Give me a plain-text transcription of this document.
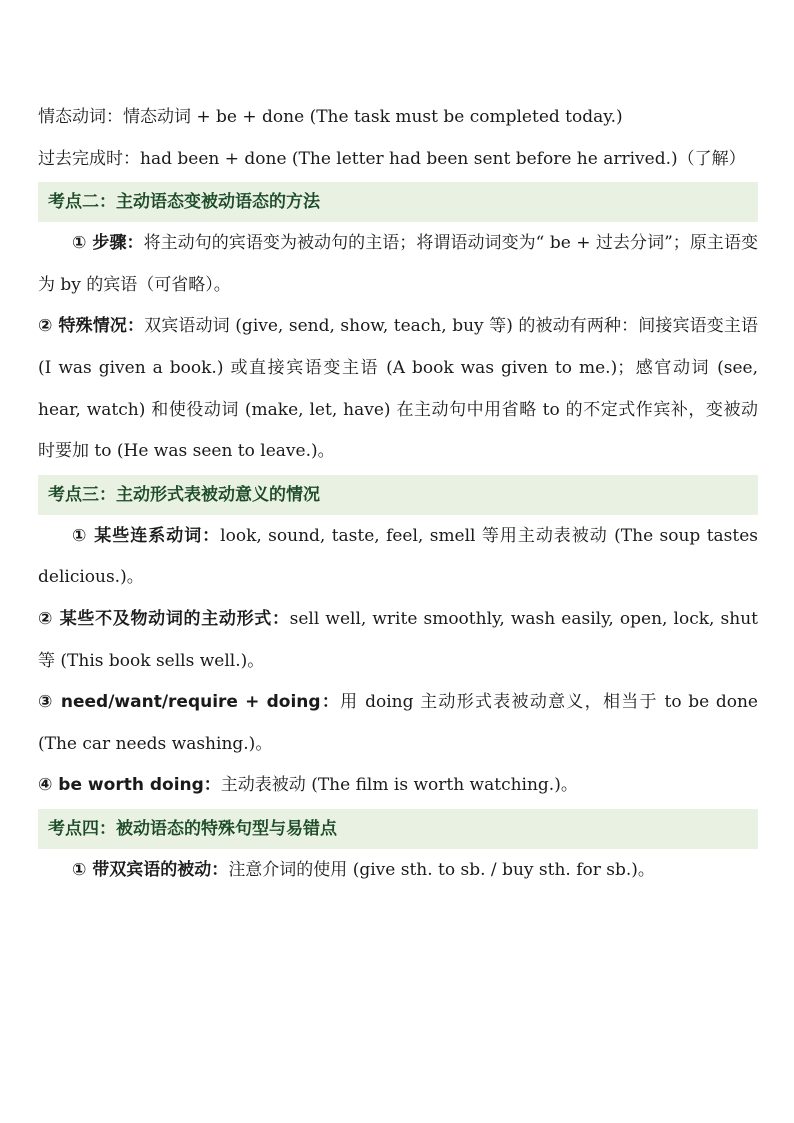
情态动词：情态动词 + be + done (The task must be completed today.)

过去完成时：had been + done (The letter had been sent before he arrived.)（了解）

考点二：主动语态变被动语态的方法

① 步骤：将主动句的宾语变为被动句的主语；将谓语动词变为“ be + 过去分词”；原主语变为 by 的宾语（可省略）。

② 特殊情况：双宾语动词 (give, send, show, teach, buy 等) 的被动有两种：间接宾语变主语 (I was given a book.) 或直接宾语变主语 (A book was given to me.)；感官动词 (see, hear, watch) 和使役动词 (make, let, have) 在主动句中用省略 to 的不定式作宾补，变被动时要加 to (He was seen to leave.)。

考点三：主动形式表被动意义的情况

① 某些连系动词：look, sound, taste, feel, smell 等用主动表被动 (The soup tastes delicious.)。

② 某些不及物动词的主动形式：sell well, write smoothly, wash easily, open, lock, shut 等 (This book sells well.)。

③ need/want/require + doing：用 doing 主动形式表被动意义，相当于 to be done (The car needs washing.)。

④ be worth doing：主动表被动 (The film is worth watching.)。

考点四：被动语态的特殊句型与易错点

① 带双宾语的被动：注意介词的使用 (give sth. to sb. / buy sth. for sb.)。
